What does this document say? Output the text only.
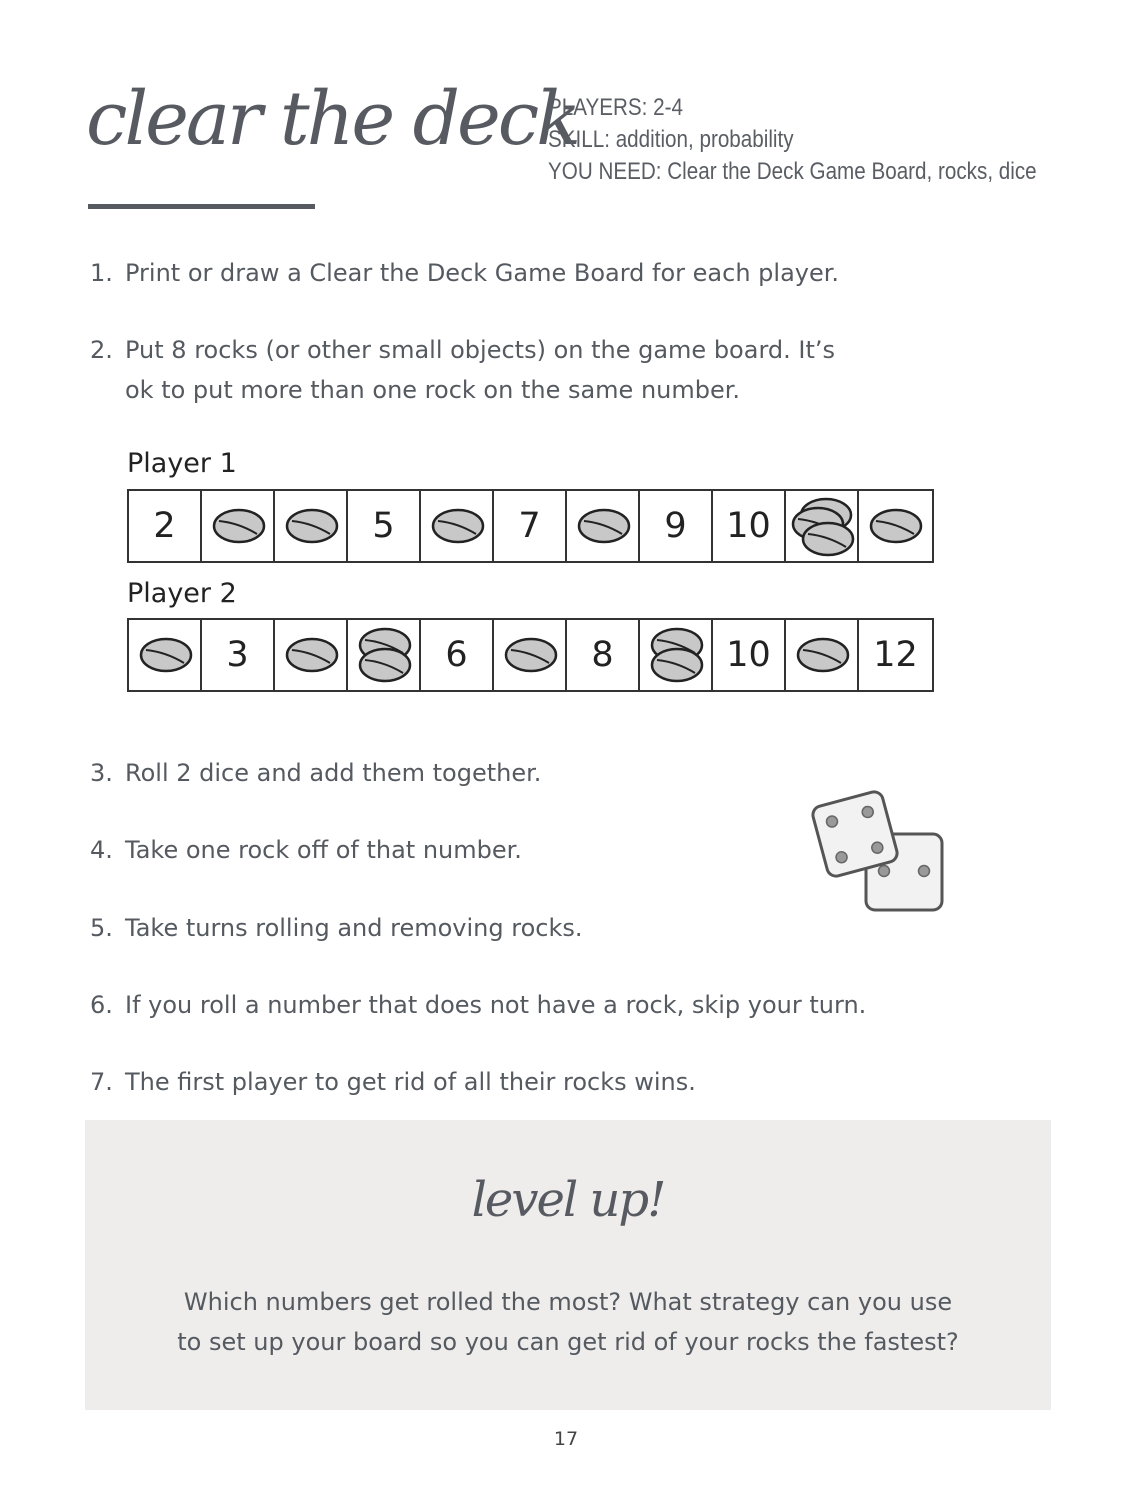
clear the deck
PLAYERS: 2-4
SKILL: addition, probability
YOU NEED: Clear the Deck Game Board, rocks, dice
1. Print or draw a Clear the Deck Game Board for each player.
2. Put 8 rocks (or other small objects) on the game board. It’s
ok to put more than one rock on the same number.
Player 1
2	5	7	9 10
Player 2
3	6	8	10	12
3. Roll 2 dice and add them together.
4. Take one rock off of that number.
5. Take turns rolling and removing rocks.
6. If you roll a number that does not have a rock, skip your turn.
7. The first player to get rid of all their rocks wins.
level up!
Which numbers get rolled the most? What strategy can you use
to set up your board so you can get rid of your rocks the fastest?
17
